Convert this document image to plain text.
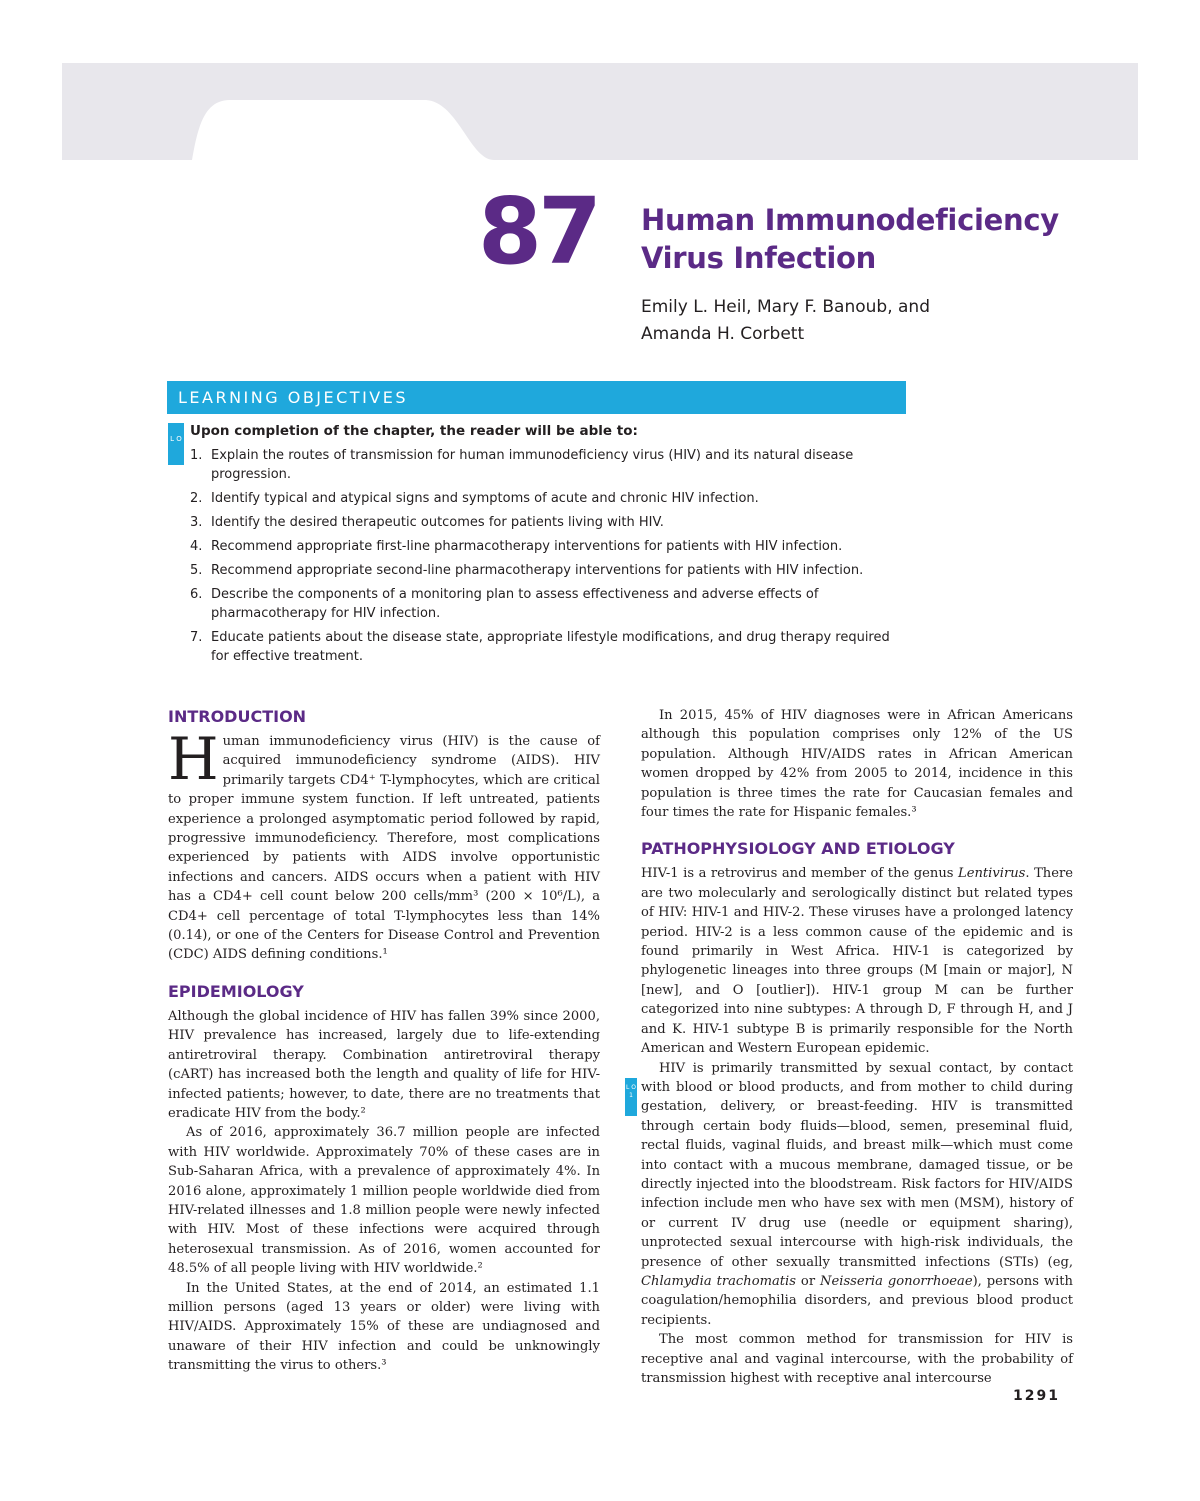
87 Human Immunodeficiency
Virus Infection
Emily L. Heil, Mary F. Banoub, and
Amanda H. Corbett
LEARNING OBJECTIVES
L O Upon completion of the chapter, the reader will be able to:
1. Explain the routes of transmission for human immunodeficiency virus (HIV) and its natural disease progression.
2. Identify typical and atypical signs and symptoms of acute and chronic HIV infection.
3. Identify the desired therapeutic outcomes for patients living with HIV.
4. Recommend appropriate first-line pharmacotherapy interventions for patients with HIV infection.
5. Recommend appropriate second-line pharmacotherapy interventions for patients with HIV infection.
6. Describe the components of a monitoring plan to assess effectiveness and adverse effects of pharmacotherapy for HIV infection.
7. Educate patients about the disease state, appropriate lifestyle modifications, and drug therapy required for effective treatment.
INTRODUCTION

Human immunodeficiency virus (HIV) is the cause of acquired immunodeficiency syndrome (AIDS). HIV primarily targets CD4⁺ T-lymphocytes, which are critical to proper immune system function. If left untreated, patients experience a prolonged asymptomatic period followed by rapid, progressive immunodeficiency. Therefore, most complications experienced by patients with AIDS involve opportunistic infections and cancers. AIDS occurs when a patient with HIV has a CD4+ cell count below 200 cells/mm³ (200 × 10⁶/L), a CD4+ cell percentage of total T-lymphocytes less than 14% (0.14), or one of the Centers for Disease Control and Prevention (CDC) AIDS defining conditions.¹

EPIDEMIOLOGY

Although the global incidence of HIV has fallen 39% since 2000, HIV prevalence has increased, largely due to life-extending antiretroviral therapy. Combination antiretroviral therapy (cART) has increased both the length and quality of life for HIV-infected patients; however, to date, there are no treatments that eradicate HIV from the body.²

As of 2016, approximately 36.7 million people are infected with HIV worldwide. Approximately 70% of these cases are in Sub-Saharan Africa, with a prevalence of approximately 4%. In 2016 alone, approximately 1 million people worldwide died from HIV-related illnesses and 1.8 million people were newly infected with HIV. Most of these infections were acquired through heterosexual transmission. As of 2016, women accounted for 48.5% of all people living with HIV worldwide.²

In the United States, at the end of 2014, an estimated 1.1 million persons (aged 13 years or older) were living with HIV/AIDS. Approximately 15% of these are undiagnosed and unaware of their HIV infection and could be unknowingly transmitting the virus to others.³

In 2015, 45% of HIV diagnoses were in African Americans although this population comprises only 12% of the US population. Although HIV/AIDS rates in African American women dropped by 42% from 2005 to 2014, incidence in this population is three times the rate for Caucasian females and four times the rate for Hispanic females.³

PATHOPHYSIOLOGY AND ETIOLOGY

HIV-1 is a retrovirus and member of the genus Lentivirus. There are two molecularly and serologically distinct but related types of HIV: HIV-1 and HIV-2. These viruses have a prolonged latency period. HIV-2 is a less common cause of the epidemic and is found primarily in West Africa. HIV-1 is categorized by phylogenetic lineages into three groups (M [main or major], N [new], and O [outlier]). HIV-1 group M can be further categorized into nine subtypes: A through D, F through H, and J and K. HIV-1 subtype B is primarily responsible for the North American and Western European epidemic.

HIV is primarily transmitted by sexual contact, by contact with blood or blood products, and from mother to child during gestation, delivery, or breast-feeding. HIV is transmitted through certain body fluids—blood, semen, preseminal fluid, rectal fluids, vaginal fluids, and breast milk—which must come into contact with a mucous membrane, damaged tissue, or be directly injected into the bloodstream. Risk factors for HIV/AIDS infection include men who have sex with men (MSM), history of or current IV drug use (needle or equipment sharing), unprotected sexual intercourse with high-risk individuals, the presence of other sexually transmitted infections (STIs) (eg, Chlamydia trachomatis or Neisseria gonorrhoeae), persons with coagulation/hemophilia disorders, and previous blood product recipients.

The most common method for transmission for HIV is receptive anal and vaginal intercourse, with the probability of transmission highest with receptive anal intercourse

L O 1
1291
